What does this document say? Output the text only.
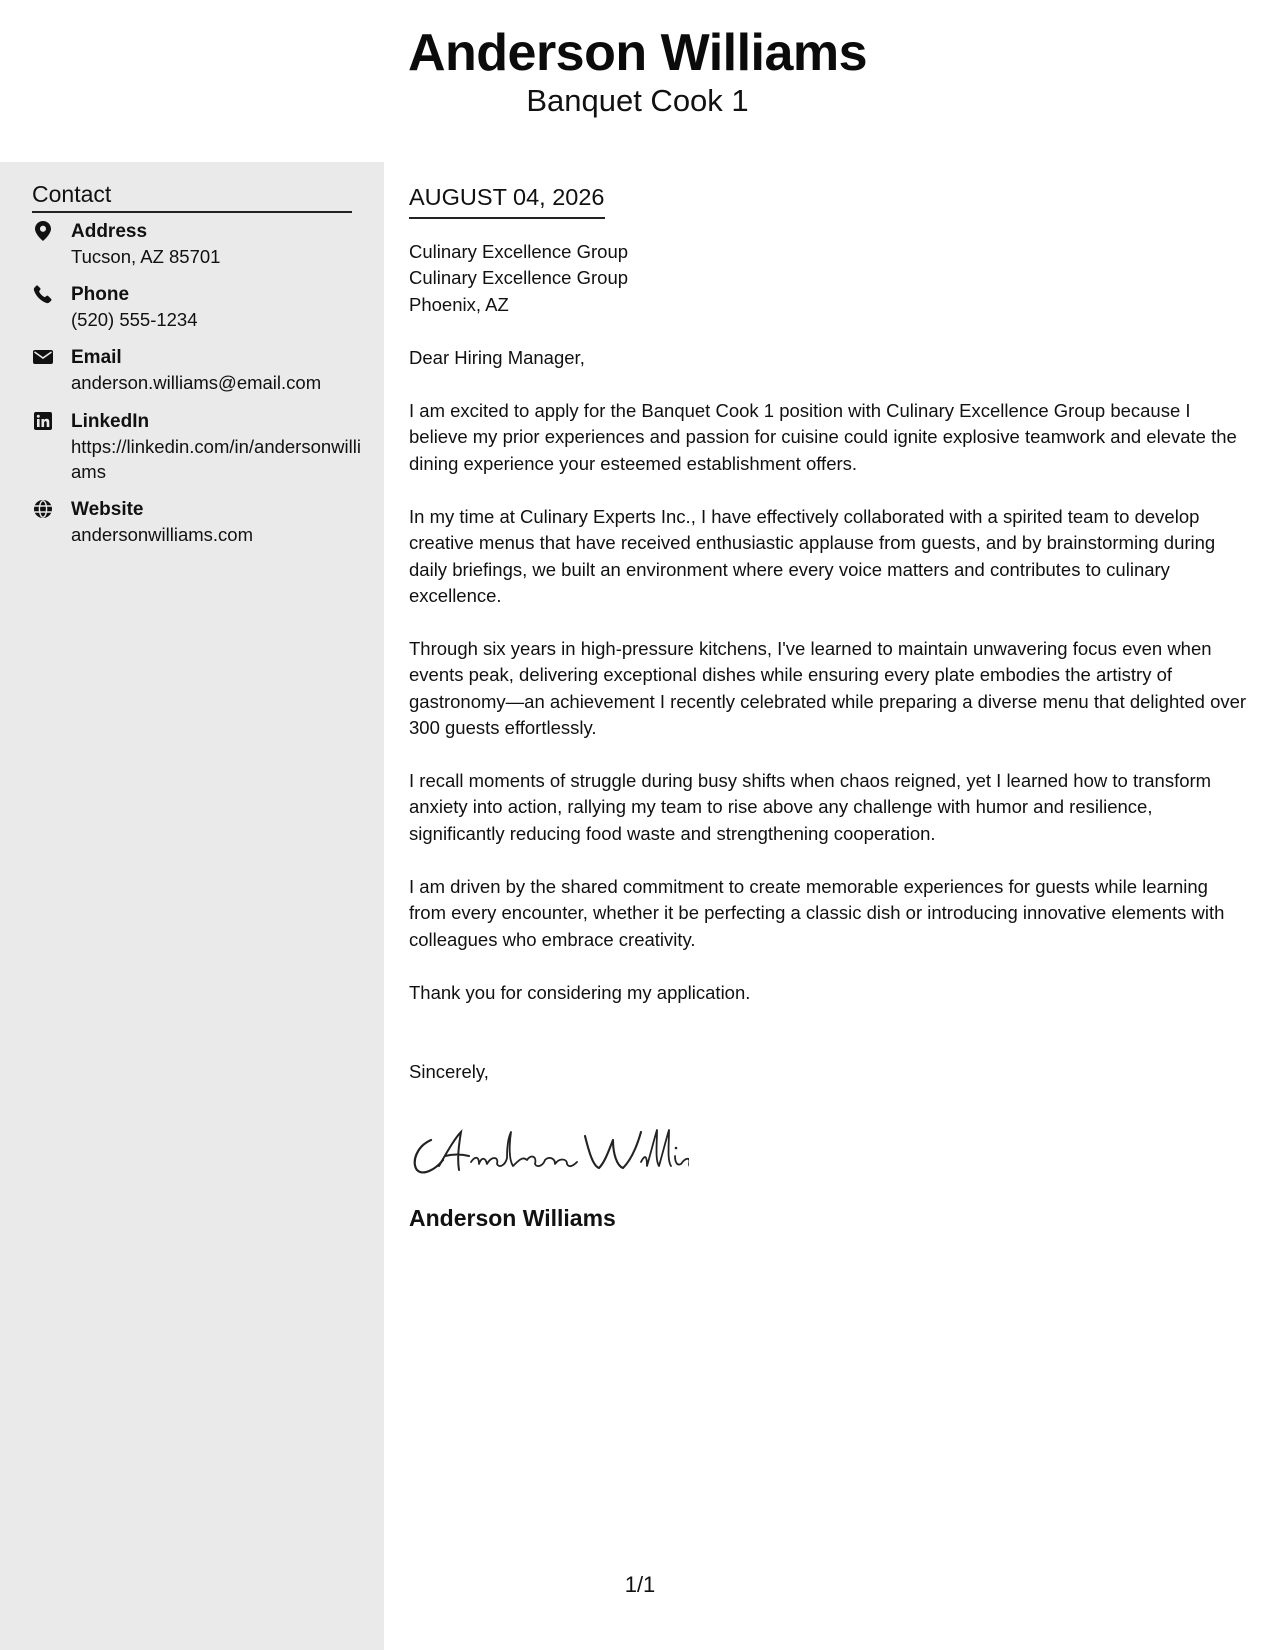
Anderson Williams
Banquet Cook 1
Contact
Address
Tucson, AZ 85701
Phone
(520) 555-1234
Email
anderson.williams@email.com
LinkedIn
https://linkedin.com/in/andersonwilliams
Website
andersonwilliams.com
AUGUST 04, 2026
Culinary Excellence Group
Culinary Excellence Group
Phoenix, AZ
Dear Hiring Manager,

I am excited to apply for the Banquet Cook 1 position with Culinary Excellence Group because I believe my prior experiences and passion for cuisine could ignite explosive teamwork and elevate the dining experience your esteemed establishment offers.

In my time at Culinary Experts Inc., I have effectively collaborated with a spirited team to develop creative menus that have received enthusiastic applause from guests, and by brainstorming during daily briefings, we built an environment where every voice matters and contributes to culinary excellence.

Through six years in high-pressure kitchens, I've learned to maintain unwavering focus even when events peak, delivering exceptional dishes while ensuring every plate embodies the artistry of gastronomy—an achievement I recently celebrated while preparing a diverse menu that delighted over 300 guests effortlessly.

I recall moments of struggle during busy shifts when chaos reigned, yet I learned how to transform anxiety into action, rallying my team to rise above any challenge with humor and resilience, significantly reducing food waste and strengthening cooperation.

I am driven by the shared commitment to create memorable experiences for guests while learning from every encounter, whether it be perfecting a classic dish or introducing innovative elements with colleagues who embrace creativity.

Thank you for considering my application.

Sincerely,
Anderson Williams
1/1
